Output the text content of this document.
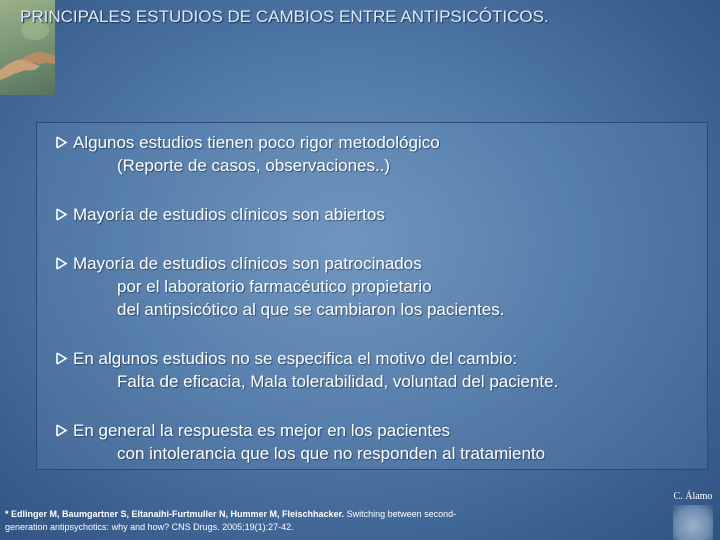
PRINCIPALES ESTUDIOS DE CAMBIOS ENTRE ANTIPSICÓTICOS.
Algunos estudios tienen poco rigor metodológico
(Reporte de casos, observaciones..)
Mayoría de estudios clínicos son abiertos
Mayoría de estudios clínicos son patrocinados
por el laboratorio farmacéutico propietario
del antipsicótico al que se cambiaron los pacientes.
En algunos estudios no se especifica el motivo del cambio:
Falta de eficacia, Mala tolerabilidad, voluntad del paciente.
En general la respuesta es mejor en los pacientes
con intolerancia que los que no responden al tratamiento
* Edlinger M, Baumgartner S, Eltanaihi-Furtmuller N, Hummer M, Fleischhacker. Switching between second-
generation antipsychotics: why and how? CNS Drugs. 2005;19(1):27-42.
C. Álamo
